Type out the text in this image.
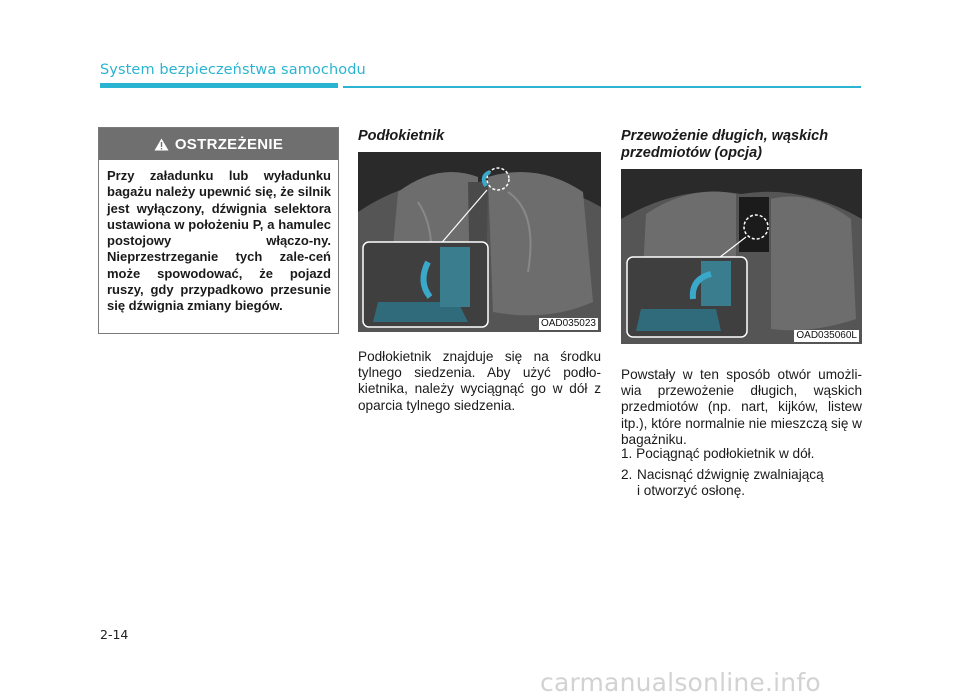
System bezpieczeństwa samochodu
OSTRZEŻENIE
Przy załadunku lub wyładunku bagażu należy upewnić się, że silnik jest wyłączony, dźwignia selektora ustawiona w położeniu P, a hamulec postojowy włączo-ny. Nieprzestrzeganie tych zale-ceń może spowodować, że pojazd ruszy, gdy przypadkowo przesunie się dźwignia zmiany biegów.
Podłokietnik
OAD035023
Podłokietnik znajduje się na środku tylnego siedzenia. Aby użyć podło-kietnika, należy wyciągnąć go w dół z oparcia tylnego siedzenia.
Przewożenie długich, wąskich przedmiotów (opcja)
OAD035060L
Powstały w ten sposób otwór umożli-wia przewożenie długich, wąskich przedmiotów (np. nart, kijków, listew itp.), które normalnie nie mieszczą się w bagażniku.
1. Pociągnąć podłokietnik w dół.
2. Nacisnąć dźwignię zwalniającą
i otworzyć osłonę.
2-14
carmanualsonline.info
